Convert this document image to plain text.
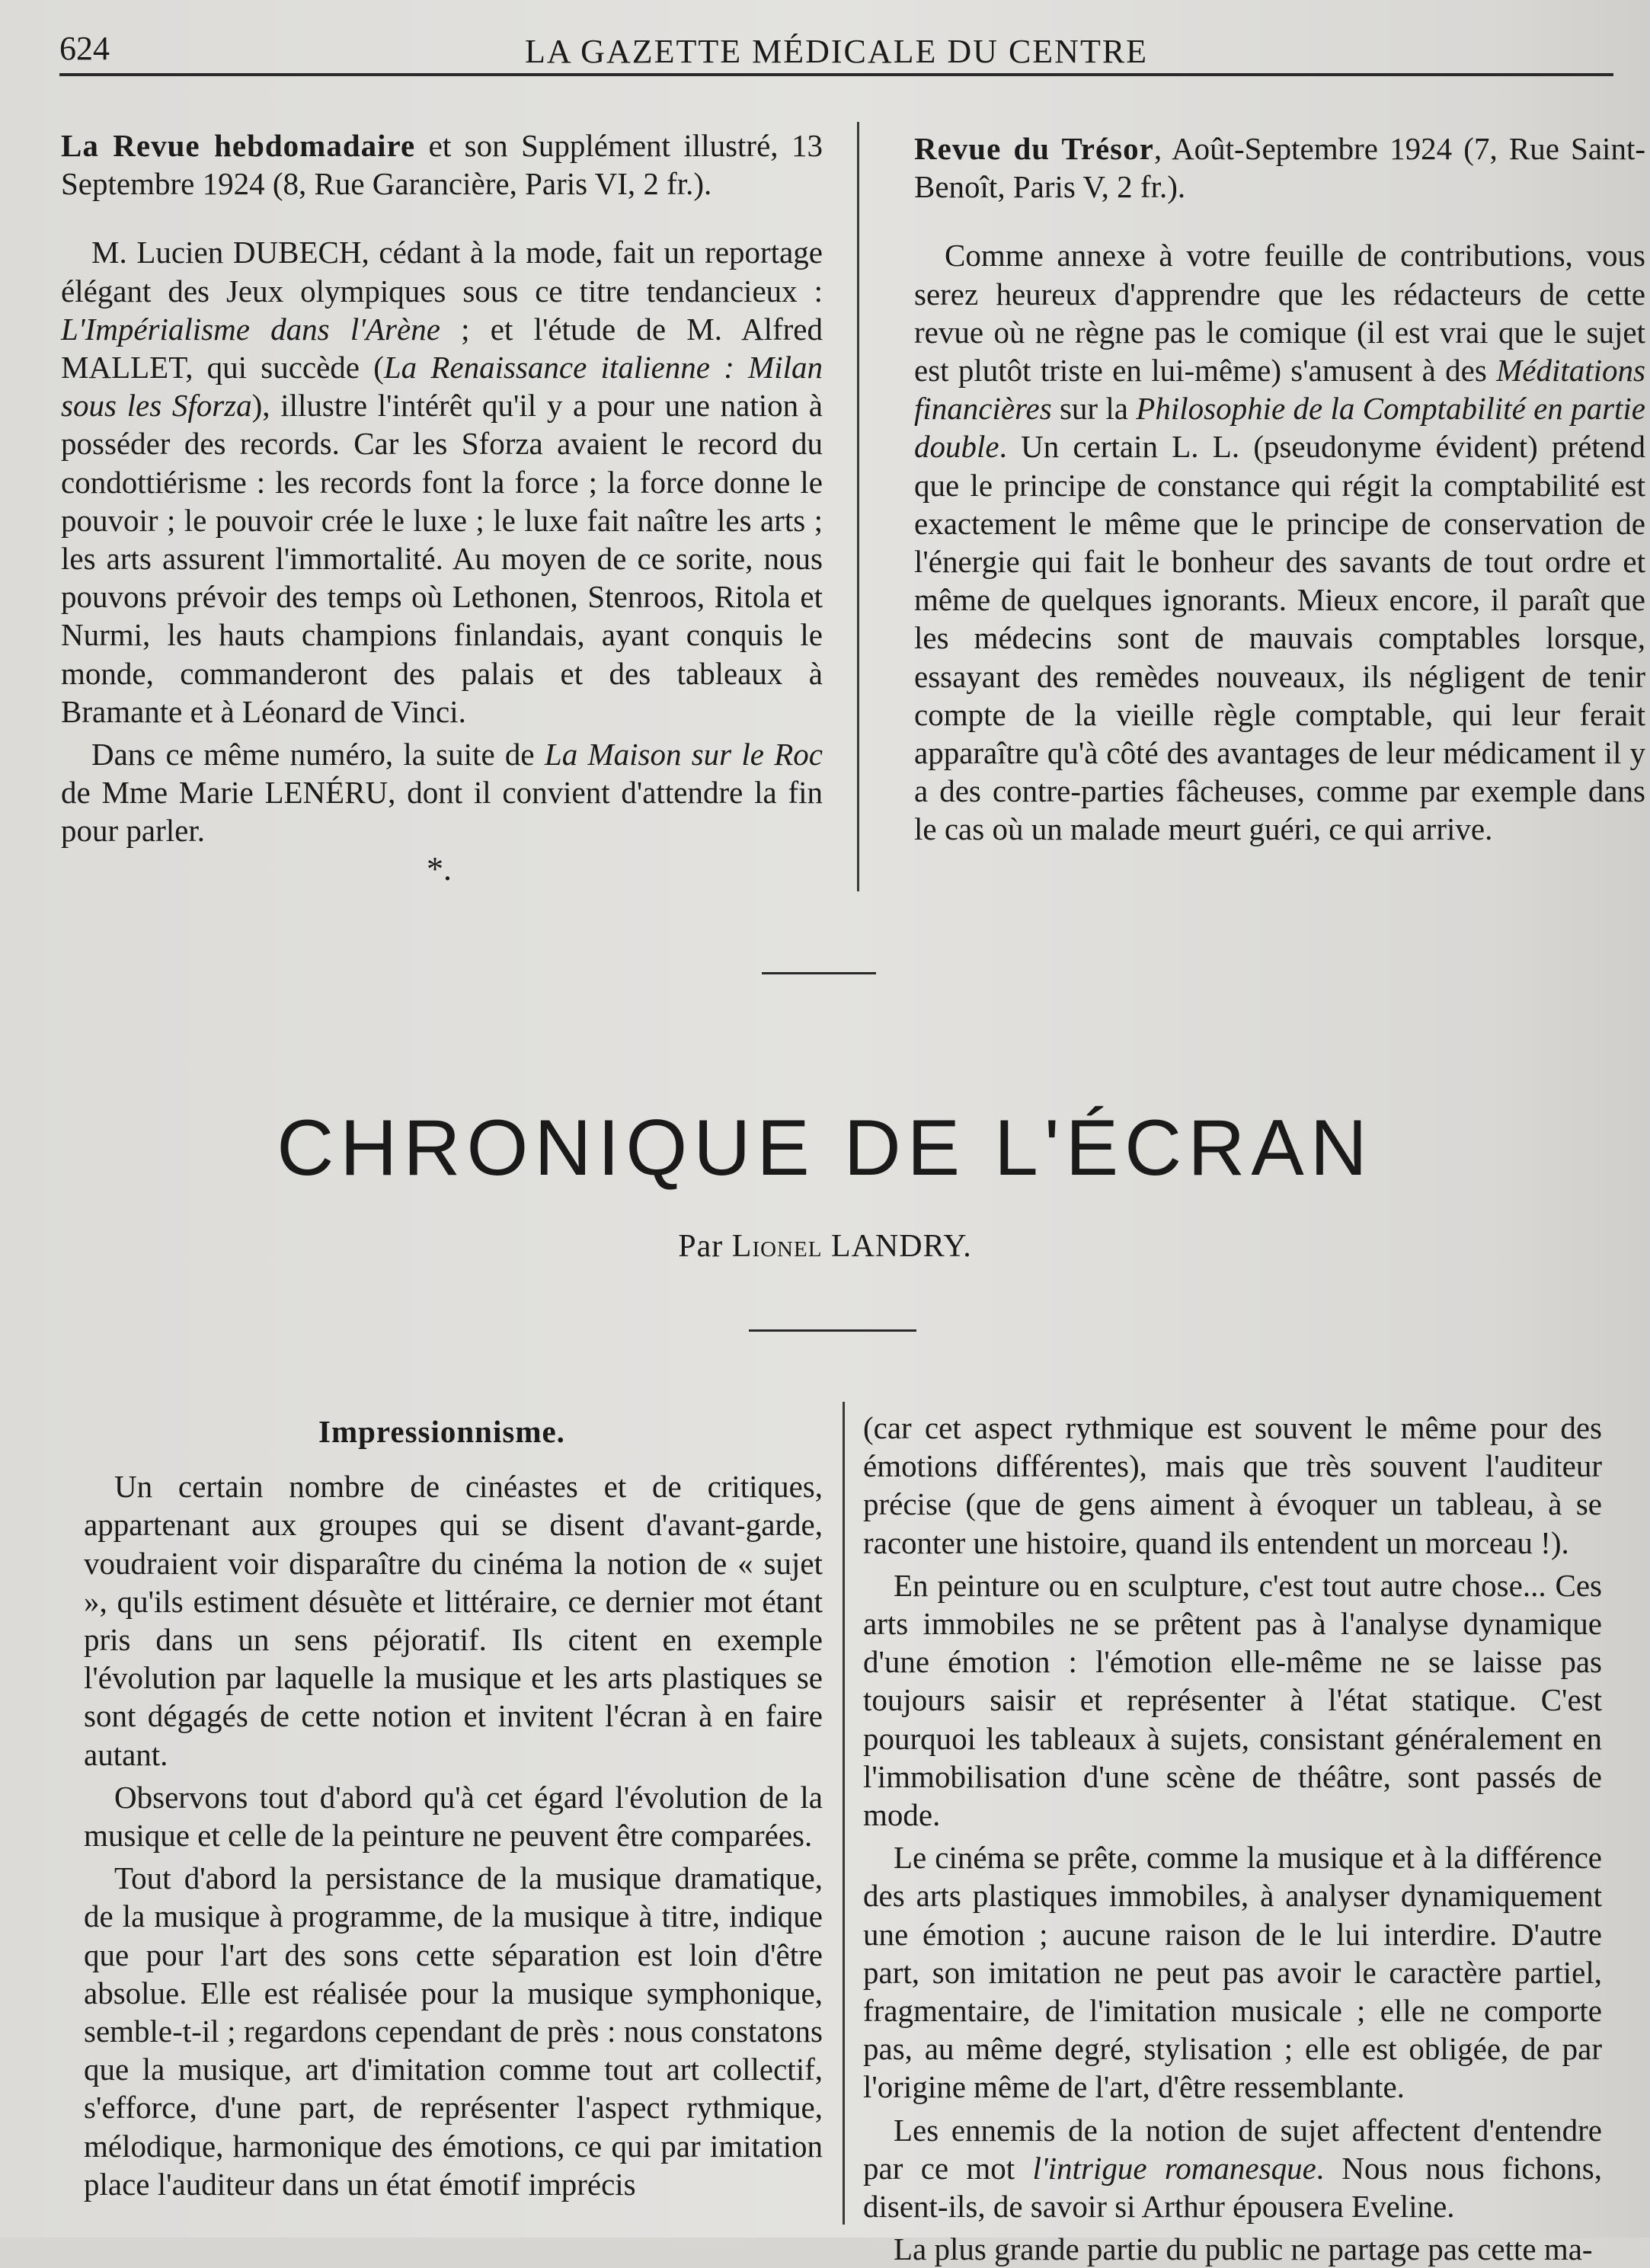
624	LA GAZETTE MÉDICALE DU CENTRE

La Revue hebdomadaire et son Supplément illustré, 13 Septembre 1924 (8, Rue Garancière, Paris VI, 2 fr.).

M. Lucien DUBECH, cédant à la mode, fait un reportage élégant des Jeux olympiques sous ce titre tendancieux : L'Impérialisme dans l'Arène ; et l'étude de M. Alfred MALLET, qui succède (La Renaissance italienne : Milan sous les Sforza), illustre l'intérêt qu'il y a pour une nation à posséder des records. Car les Sforza avaient le record du condottiérisme : les records font la force ; la force donne le pouvoir ; le pouvoir crée le luxe ; le luxe fait naître les arts ; les arts assurent l'immortalité. Au moyen de ce sorite, nous pouvons prévoir des temps où Lethonen, Stenroos, Ritola et Nurmi, les hauts champions finlandais, ayant conquis le monde, commanderont des palais et des tableaux à Bramante et à Léonard de Vinci.

Dans ce même numéro, la suite de La Maison sur le Roc de Mme Marie LENÉRU, dont il convient d'attendre la fin pour parler.

*.

Revue du Trésor, Août-Septembre 1924 (7, Rue Saint-Benoît, Paris V, 2 fr.).

Comme annexe à votre feuille de contributions, vous serez heureux d'apprendre que les rédacteurs de cette revue où ne règne pas le comique (il est vrai que le sujet est plutôt triste en lui-même) s'amusent à des Méditations financières sur la Philosophie de la Comptabilité en partie double. Un certain L. L. (pseudonyme évident) prétend que le principe de constance qui régit la comptabilité est exactement le même que le principe de conservation de l'énergie qui fait le bonheur des savants de tout ordre et même de quelques ignorants. Mieux encore, il paraît que les médecins sont de mauvais comptables lorsque, essayant des remèdes nouveaux, ils négligent de tenir compte de la vieille règle comptable, qui leur ferait apparaître qu'à côté des avantages de leur médicament il y a des contre-parties fâcheuses, comme par exemple dans le cas où un malade meurt guéri, ce qui arrive.

CHRONIQUE DE L'ÉCRAN
Par Lionel LANDRY.

Impressionnisme.

Un certain nombre de cinéastes et de critiques, appartenant aux groupes qui se disent d'avant-garde, voudraient voir disparaître du cinéma la notion de « sujet », qu'ils estiment désuète et littéraire, ce dernier mot étant pris dans un sens péjoratif. Ils citent en exemple l'évolution par laquelle la musique et les arts plastiques se sont dégagés de cette notion et invitent l'écran à en faire autant.

Observons tout d'abord qu'à cet égard l'évolution de la musique et celle de la peinture ne peuvent être comparées.

Tout d'abord la persistance de la musique dramatique, de la musique à programme, de la musique à titre, indique que pour l'art des sons cette séparation est loin d'être absolue. Elle est réalisée pour la musique symphonique, semble-t-il ; regardons cependant de près : nous constatons que la musique, art d'imitation comme tout art collectif, s'efforce, d'une part, de représenter l'aspect rythmique, mélodique, harmonique des émotions, ce qui par imitation place l'auditeur dans un état émotif imprécis

(car cet aspect rythmique est souvent le même pour des émotions différentes), mais que très souvent l'auditeur précise (que de gens aiment à évoquer un tableau, à se raconter une histoire, quand ils entendent un morceau !).

En peinture ou en sculpture, c'est tout autre chose... Ces arts immobiles ne se prêtent pas à l'analyse dynamique d'une émotion : l'émotion elle-même ne se laisse pas toujours saisir et représenter à l'état statique. C'est pourquoi les tableaux à sujets, consistant généralement en l'immobilisation d'une scène de théâtre, sont passés de mode.

Le cinéma se prête, comme la musique et à la différence des arts plastiques immobiles, à analyser dynamiquement une émotion ; aucune raison de le lui interdire. D'autre part, son imitation ne peut pas avoir le caractère partiel, fragmentaire, de l'imitation musicale ; elle ne comporte pas, au même degré, stylisation ; elle est obligée, de par l'origine même de l'art, d'être ressemblante.

Les ennemis de la notion de sujet affectent d'entendre par ce mot l'intrigue romanesque. Nous nous fichons, disent-ils, de savoir si Arthur épousera Eveline.

La plus grande partie du public ne partage pas cette ma-
